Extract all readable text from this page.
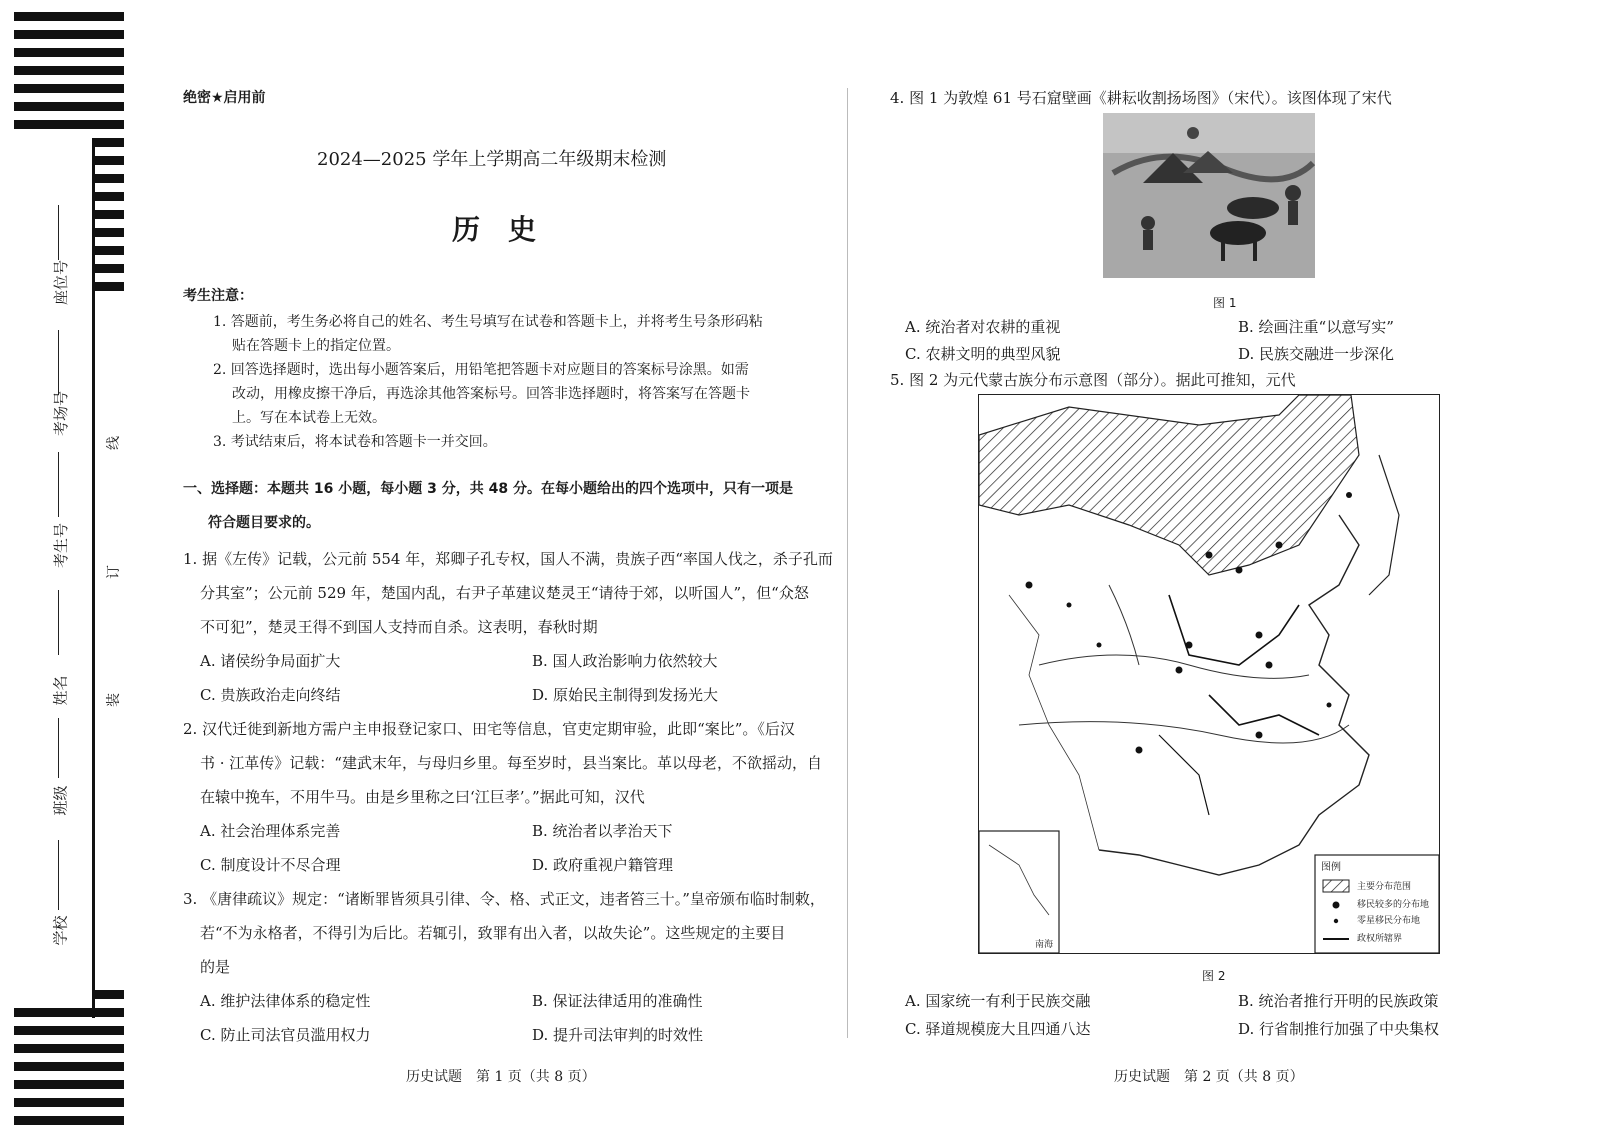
座位号
考场号
考生号
姓名
班级
学校
线
订
装
绝密★启用前
2024—2025 学年上学期高二年级期末检测
历　史
考生注意：
1. 答题前，考生务必将自己的姓名、考生号填写在试卷和答题卡上，并将考生号条形码粘
贴在答题卡上的指定位置。
2. 回答选择题时，选出每小题答案后，用铅笔把答题卡对应题目的答案标号涂黑。如需
改动，用橡皮擦干净后，再选涂其他答案标号。回答非选择题时，将答案写在答题卡
上。写在本试卷上无效。
3. 考试结束后，将本试卷和答题卡一并交回。
一、选择题：本题共 16 小题，每小题 3 分，共 48 分。在每小题给出的四个选项中，只有一项是
符合题目要求的。
1. 据《左传》记载，公元前 554 年，郑卿子孔专权，国人不满，贵族子西“率国人伐之，杀子孔而
分其室”；公元前 529 年，楚国内乱，右尹子革建议楚灵王“请待于郊，以听国人”，但“众怒
不可犯”，楚灵王得不到国人支持而自杀。这表明，春秋时期
A. 诸侯纷争局面扩大	B. 国人政治影响力依然较大
C. 贵族政治走向终结	D. 原始民主制得到发扬光大
2. 汉代迁徙到新地方需户主申报登记家口、田宅等信息，官吏定期审验，此即“案比”。《后汉
书 · 江革传》记载：“建武末年，与母归乡里。每至岁时，县当案比。革以母老，不欲摇动，自
在辕中挽车，不用牛马。由是乡里称之曰‘江巨孝’。”据此可知，汉代
A. 社会治理体系完善	B. 统治者以孝治天下
C. 制度设计不尽合理	D. 政府重视户籍管理
3. 《唐律疏议》规定：“诸断罪皆须具引律、令、格、式正文，违者笞三十。”皇帝颁布临时制敕，
若“不为永格者，不得引为后比。若辄引，致罪有出入者，以故失论”。这些规定的主要目
的是
A. 维护法律体系的稳定性	B. 保证法律适用的准确性
C. 防止司法官员滥用权力	D. 提升司法审判的时效性
历史试题　第 1 页（共 8 页）
4. 图 1 为敦煌 61 号石窟壁画《耕耘收割扬场图》（宋代）。该图体现了宋代
图 1
A. 统治者对农耕的重视	B. 绘画注重“以意写实”
C. 农耕文明的典型风貌	D. 民族交融进一步深化
5. 图 2 为元代蒙古族分布示意图（部分）。据此可推知，元代
图例
主要分布范围
移民较多的分布地
零星移民分布地
政权所辖界
南海
图 2
A. 国家统一有利于民族交融	B. 统治者推行开明的民族政策
C. 驿道规模庞大且四通八达	D. 行省制推行加强了中央集权
历史试题　第 2 页（共 8 页）
